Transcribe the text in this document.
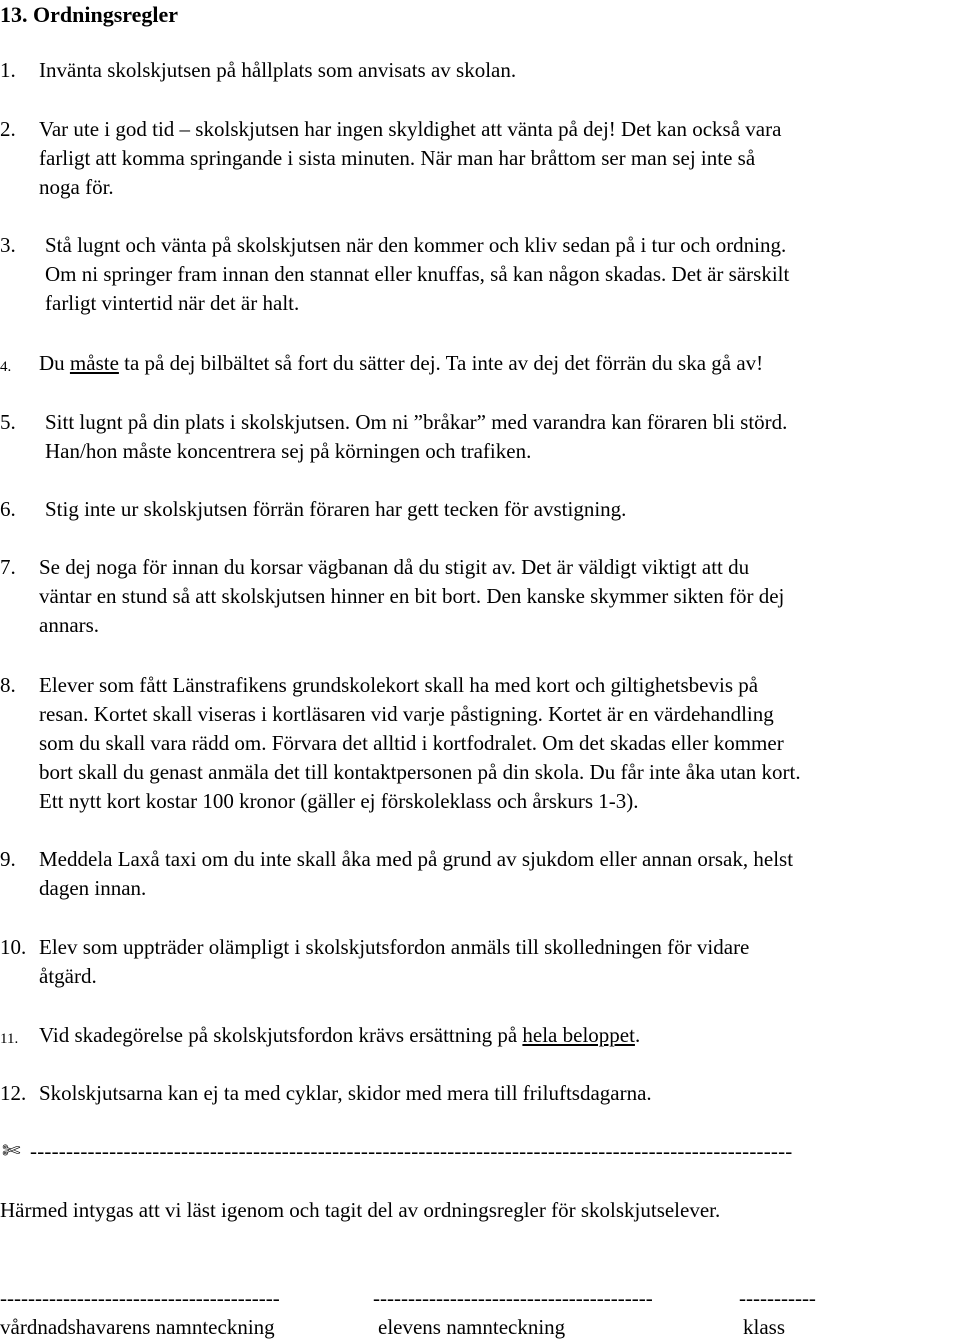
13. Ordningsregler
1. Invänta skolskjutsen på hållplats som anvisats av skolan.
2. Var ute i god tid – skolskjutsen har ingen skyldighet att vänta på dej! Det kan också vara
farligt att komma springande i sista minuten. När man har bråttom ser man sej inte så
noga för.
3. Stå lugnt och vänta på skolskjutsen när den kommer och kliv sedan på i tur och ordning.
Om ni springer fram innan den stannat eller knuffas, så kan någon skadas. Det är särskilt
farligt vintertid när det är halt.
4. Du måste ta på dej bilbältet så fort du sätter dej. Ta inte av dej det förrän du ska gå av!
5. Sitt lugnt på din plats i skolskjutsen. Om ni ”bråkar” med varandra kan föraren bli störd.
Han/hon måste koncentrera sej på körningen och trafiken.
6. Stig inte ur skolskjutsen förrän föraren har gett tecken för avstigning.
7. Se dej noga för innan du korsar vägbanan då du stigit av. Det är väldigt viktigt att du
väntar en stund så att skolskjutsen hinner en bit bort. Den kanske skymmer sikten för dej
annars.
8. Elever som fått Länstrafikens grundskolekort skall ha med kort och giltighetsbevis på
resan. Kortet skall viseras i kortläsaren vid varje påstigning. Kortet är en värdehandling
som du skall vara rädd om. Förvara det alltid i kortfodralet. Om det skadas eller kommer
bort skall du genast anmäla det till kontaktpersonen på din skola. Du får inte åka utan kort.
Ett nytt kort kostar 100 kronor (gäller ej förskoleklass och årskurs 1-3).
9. Meddela Laxå taxi om du inte skall åka med på grund av sjukdom eller annan orsak, helst
dagen innan.
10. Elev som uppträder olämpligt i skolskjutsfordon anmäls till skolledningen för vidare
åtgärd.
11. Vid skadegörelse på skolskjutsfordon krävs ersättning på hela beloppet.
12. Skolskjutsarna kan ej ta med cyklar, skidor med mera till friluftsdagarna.
✄ ----------------------------------------------------------------------------------------------------------
Härmed intygas att vi läst igenom och tagit del av ordningsregler för skolskjutselever.
----------------------------------------	----------------------------------------	-----------
vårdnadshavarens namnteckning	elevens namnteckning	klass
